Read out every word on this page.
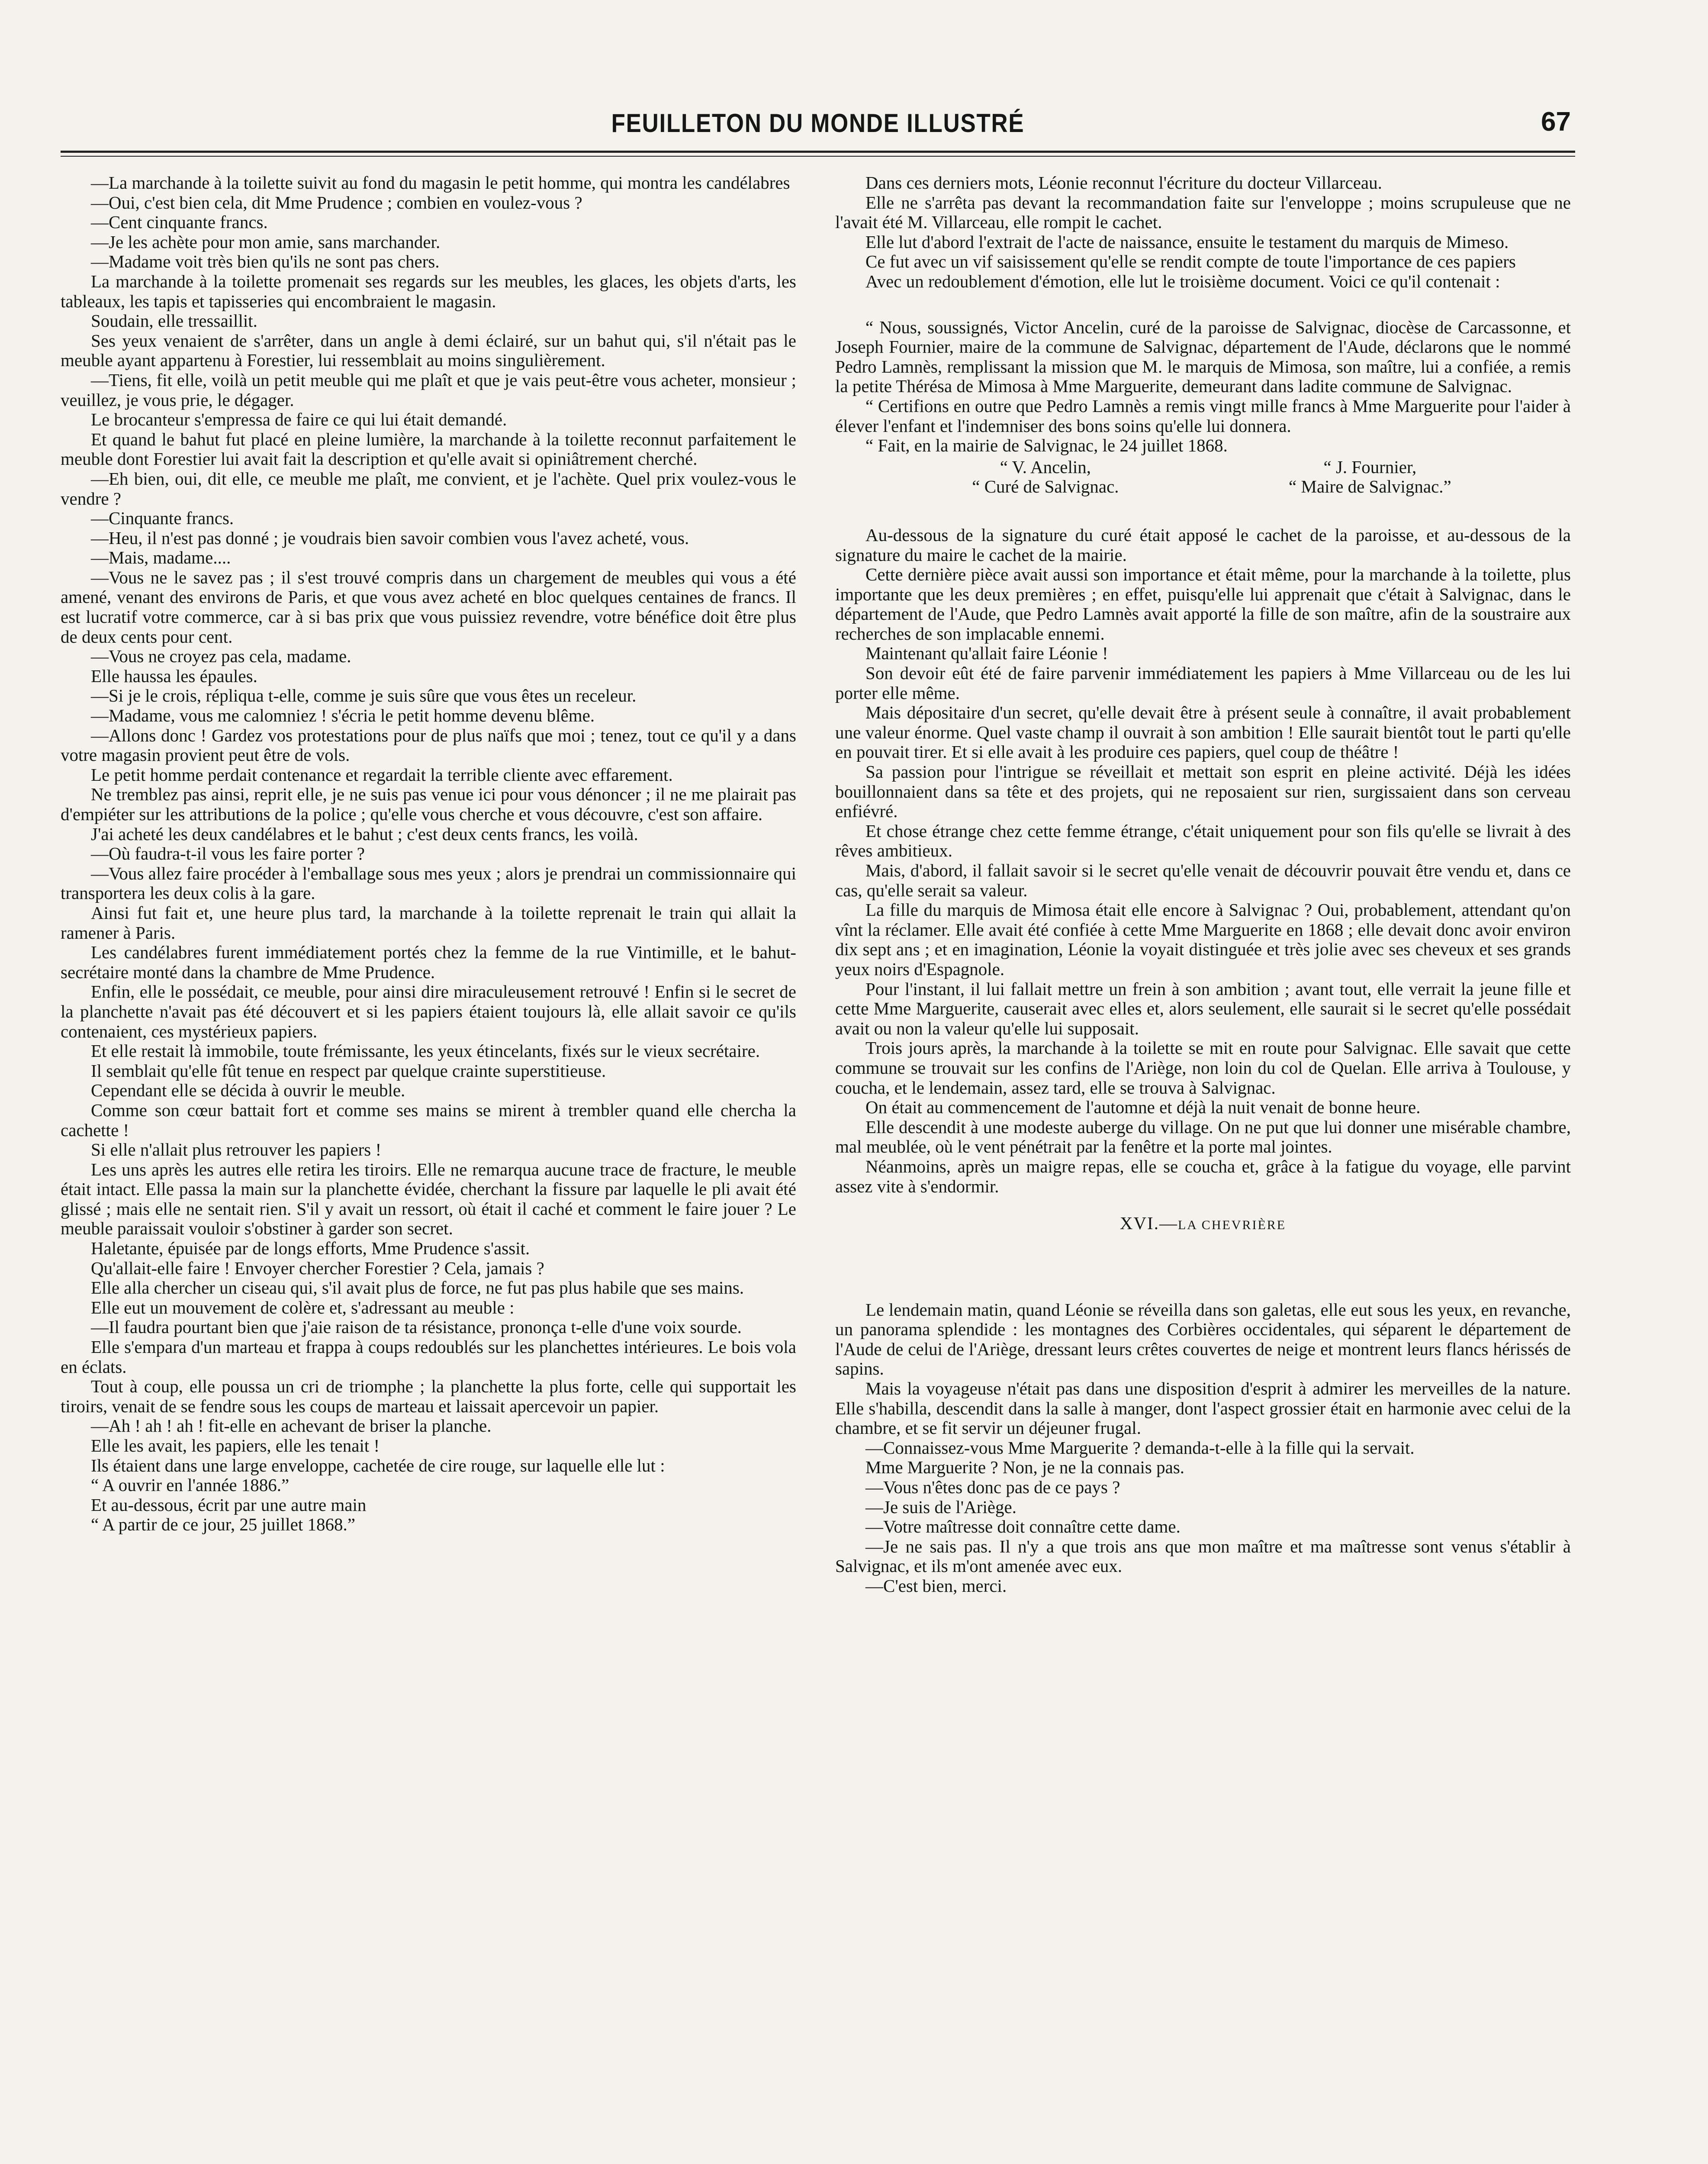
FEUILLETON DU MONDE ILLUSTRÉ	67

—La marchande à la toilette suivit au fond du magasin le petit homme, qui montra les candélabres

—Oui, c'est bien cela, dit Mme Prudence ; combien en voulez-vous ?

—Cent cinquante francs.

—Je les achète pour mon amie, sans marchander.

—Madame voit très bien qu'ils ne sont pas chers.

La marchande à la toilette promenait ses regards sur les meubles, les glaces, les objets d'arts, les tableaux, les tapis et tapisseries qui encombraient le magasin.

Soudain, elle tressaillit.

Ses yeux venaient de s'arrêter, dans un angle à demi éclairé, sur un bahut qui, s'il n'était pas le meuble ayant appartenu à Forestier, lui ressemblait au moins singulièrement.

—Tiens, fit elle, voilà un petit meuble qui me plaît et que je vais peut-être vous acheter, monsieur ; veuillez, je vous prie, le dégager.

Le brocanteur s'empressa de faire ce qui lui était demandé.

Et quand le bahut fut placé en pleine lumière, la marchande à la toilette reconnut parfaitement le meuble dont Forestier lui avait fait la description et qu'elle avait si opiniâtrement cherché.

—Eh bien, oui, dit elle, ce meuble me plaît, me convient, et je l'achète. Quel prix voulez-vous le vendre ?

—Cinquante francs.

—Heu, il n'est pas donné ; je voudrais bien savoir combien vous l'avez acheté, vous.

—Mais, madame....

—Vous ne le savez pas ; il s'est trouvé compris dans un chargement de meubles qui vous a été amené, venant des environs de Paris, et que vous avez acheté en bloc quelques centaines de francs. Il est lucratif votre commerce, car à si bas prix que vous puissiez revendre, votre bénéfice doit être plus de deux cents pour cent.

—Vous ne croyez pas cela, madame.

Elle haussa les épaules.

—Si je le crois, répliqua t-elle, comme je suis sûre que vous êtes un receleur.

—Madame, vous me calomniez ! s'écria le petit homme devenu blême.

—Allons donc ! Gardez vos protestations pour de plus naïfs que moi ; tenez, tout ce qu'il y a dans votre magasin provient peut être de vols.

Le petit homme perdait contenance et regardait la terrible cliente avec effarement.

Ne tremblez pas ainsi, reprit elle, je ne suis pas venue ici pour vous dénoncer ; il ne me plairait pas d'empiéter sur les attributions de la police ; qu'elle vous cherche et vous découvre, c'est son affaire.

J'ai acheté les deux candélabres et le bahut ; c'est deux cents francs, les voilà.

—Où faudra-t-il vous les faire porter ?

—Vous allez faire procéder à l'emballage sous mes yeux ; alors je prendrai un commissionnaire qui transportera les deux colis à la gare.

Ainsi fut fait et, une heure plus tard, la marchande à la toilette reprenait le train qui allait la ramener à Paris.

Les candélabres furent immédiatement portés chez la femme de la rue Vintimille, et le bahut-secrétaire monté dans la chambre de Mme Prudence.

Enfin, elle le possédait, ce meuble, pour ainsi dire miraculeusement retrouvé ! Enfin si le secret de la planchette n'avait pas été découvert et si les papiers étaient toujours là, elle allait savoir ce qu'ils contenaient, ces mystérieux papiers.

Et elle restait là immobile, toute frémissante, les yeux étincelants, fixés sur le vieux secrétaire.

Il semblait qu'elle fût tenue en respect par quelque crainte superstitieuse.

Cependant elle se décida à ouvrir le meuble.

Comme son cœur battait fort et comme ses mains se mirent à trembler quand elle chercha la cachette !

Si elle n'allait plus retrouver les papiers !

Les uns après les autres elle retira les tiroirs. Elle ne remarqua aucune trace de fracture, le meuble était intact. Elle passa la main sur la planchette évidée, cherchant la fissure par laquelle le pli avait été glissé ; mais elle ne sentait rien. S'il y avait un ressort, où était il caché et comment le faire jouer ? Le meuble paraissait vouloir s'obstiner à garder son secret.

Haletante, épuisée par de longs efforts, Mme Prudence s'assit.

Qu'allait-elle faire ! Envoyer chercher Forestier ? Cela, jamais ?

Elle alla chercher un ciseau qui, s'il avait plus de force, ne fut pas plus habile que ses mains.

Elle eut un mouvement de colère et, s'adressant au meuble :

—Il faudra pourtant bien que j'aie raison de ta résistance, prononça t-elle d'une voix sourde.

Elle s'empara d'un marteau et frappa à coups redoublés sur les planchettes intérieures. Le bois vola en éclats.

Tout à coup, elle poussa un cri de triomphe ; la planchette la plus forte, celle qui supportait les tiroirs, venait de se fendre sous les coups de marteau et laissait apercevoir un papier.

—Ah ! ah ! ah ! fit-elle en achevant de briser la planche.

Elle les avait, les papiers, elle les tenait !

Ils étaient dans une large enveloppe, cachetée de cire rouge, sur laquelle elle lut :

“ A ouvrir en l'année 1886.”

Et au-dessous, écrit par une autre main

“ A partir de ce jour, 25 juillet 1868.”

Dans ces derniers mots, Léonie reconnut l'écriture du docteur Villarceau.

Elle ne s'arrêta pas devant la recommandation faite sur l'enveloppe ; moins scrupuleuse que ne l'avait été M. Villarceau, elle rompit le cachet.

Elle lut d'abord l'extrait de l'acte de naissance, ensuite le testament du marquis de Mimeso.

Ce fut avec un vif saisissement qu'elle se rendit compte de toute l'importance de ces papiers

Avec un redoublement d'émotion, elle lut le troisième document. Voici ce qu'il contenait :

“ Nous, soussignés, Victor Ancelin, curé de la paroisse de Salvignac, diocèse de Carcassonne, et Joseph Fournier, maire de la commune de Salvignac, département de l'Aude, déclarons que le nommé Pedro Lamnès, remplissant la mission que M. le marquis de Mimosa, son maître, lui a confiée, a remis la petite Thérésa de Mimosa à Mme Marguerite, demeurant dans ladite commune de Salvignac.

“ Certifions en outre que Pedro Lamnès a remis vingt mille francs à Mme Marguerite pour l'aider à élever l'enfant et l'indemniser des bons soins qu'elle lui donnera.

“ Fait, en la mairie de Salvignac, le 24 juillet 1868.

“ V. Ancelin,
“ Curé de Salvignac.
“ J. Fournier,
“ Maire de Salvignac.”

Au-dessous de la signature du curé était apposé le cachet de la paroisse, et au-dessous de la signature du maire le cachet de la mairie.

Cette dernière pièce avait aussi son importance et était même, pour la marchande à la toilette, plus importante que les deux premières ; en effet, puisqu'elle lui apprenait que c'était à Salvignac, dans le département de l'Aude, que Pedro Lamnès avait apporté la fille de son maître, afin de la soustraire aux recherches de son implacable ennemi.

Maintenant qu'allait faire Léonie !

Son devoir eût été de faire parvenir immédiatement les papiers à Mme Villarceau ou de les lui porter elle même.

Mais dépositaire d'un secret, qu'elle devait être à présent seule à connaître, il avait probablement une valeur énorme. Quel vaste champ il ouvrait à son ambition ! Elle saurait bientôt tout le parti qu'elle en pouvait tirer. Et si elle avait à les produire ces papiers, quel coup de théâtre !

Sa passion pour l'intrigue se réveillait et mettait son esprit en pleine activité. Déjà les idées bouillonnaient dans sa tête et des projets, qui ne reposaient sur rien, surgissaient dans son cerveau enfiévré.

Et chose étrange chez cette femme étrange, c'était uniquement pour son fils qu'elle se livrait à des rêves ambitieux.

Mais, d'abord, il fallait savoir si le secret qu'elle venait de découvrir pouvait être vendu et, dans ce cas, qu'elle serait sa valeur.

La fille du marquis de Mimosa était elle encore à Salvignac ? Oui, probablement, attendant qu'on vînt la réclamer. Elle avait été confiée à cette Mme Marguerite en 1868 ; elle devait donc avoir environ dix sept ans ; et en imagination, Léonie la voyait distinguée et très jolie avec ses cheveux et ses grands yeux noirs d'Espagnole.

Pour l'instant, il lui fallait mettre un frein à son ambition ; avant tout, elle verrait la jeune fille et cette Mme Marguerite, causerait avec elles et, alors seulement, elle saurait si le secret qu'elle possédait avait ou non la valeur qu'elle lui supposait.

Trois jours après, la marchande à la toilette se mit en route pour Salvignac. Elle savait que cette commune se trouvait sur les confins de l'Ariège, non loin du col de Quelan. Elle arriva à Toulouse, y coucha, et le lendemain, assez tard, elle se trouva à Salvignac.

On était au commencement de l'automne et déjà la nuit venait de bonne heure.

Elle descendit à une modeste auberge du village. On ne put que lui donner une misérable chambre, mal meublée, où le vent pénétrait par la fenêtre et la porte mal jointes.

Néanmoins, après un maigre repas, elle se coucha et, grâce à la fatigue du voyage, elle parvint assez vite à s'endormir.

XVI.—LA CHEVRIÈRE

Le lendemain matin, quand Léonie se réveilla dans son galetas, elle eut sous les yeux, en revanche, un panorama splendide : les montagnes des Corbières occidentales, qui séparent le département de l'Aude de celui de l'Ariège, dressant leurs crêtes couvertes de neige et montrent leurs flancs hérissés de sapins.

Mais la voyageuse n'était pas dans une disposition d'esprit à admirer les merveilles de la nature. Elle s'habilla, descendit dans la salle à manger, dont l'aspect grossier était en harmonie avec celui de la chambre, et se fit servir un déjeuner frugal.

—Connaissez-vous Mme Marguerite ? demanda-t-elle à la fille qui la servait.

Mme Marguerite ? Non, je ne la connais pas.

—Vous n'êtes donc pas de ce pays ?

—Je suis de l'Ariège.

—Votre maîtresse doit connaître cette dame.

—Je ne sais pas. Il n'y a que trois ans que mon maître et ma maîtresse sont venus s'établir à Salvignac, et ils m'ont amenée avec eux.

—C'est bien, merci.
